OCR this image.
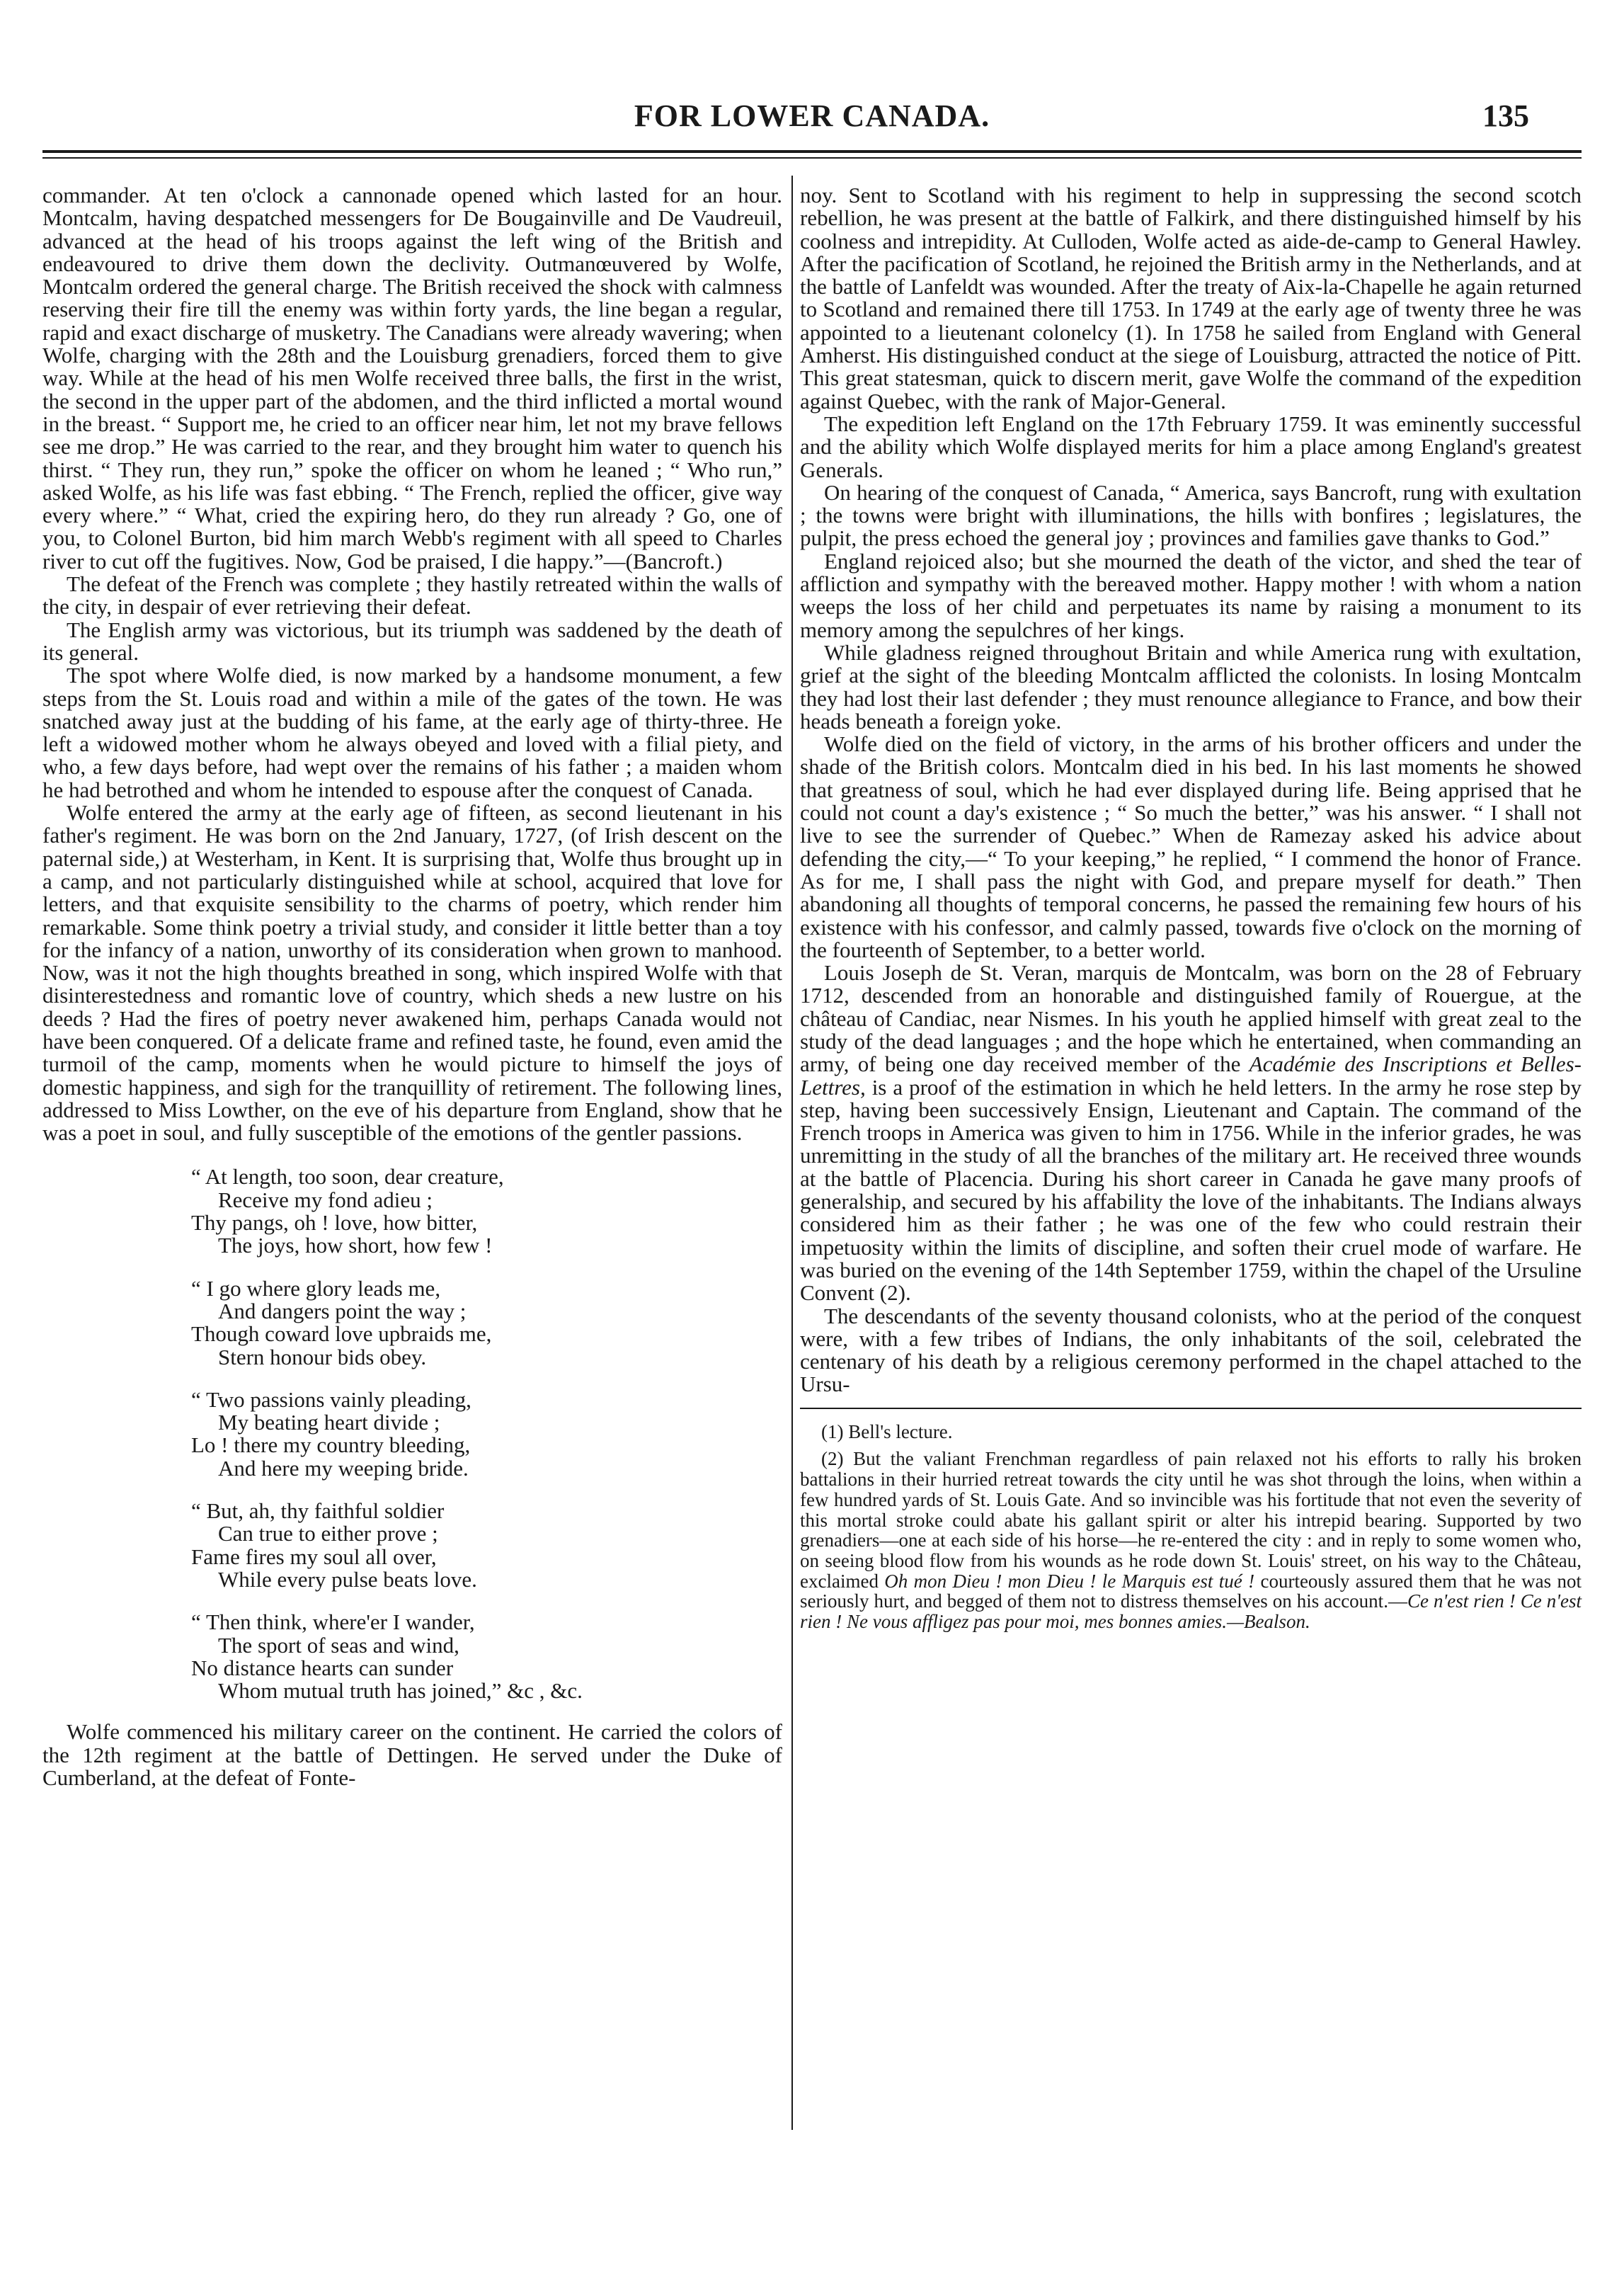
FOR LOWER CANADA.	135

commander. At ten o'clock a cannonade opened which lasted for an hour. Montcalm, having despatched messengers for De Bougainville and De Vaudreuil, advanced at the head of his troops against the left wing of the British and endeavoured to drive them down the declivity. Outmanœuvered by Wolfe, Montcalm ordered the general charge. The British received the shock with calmness reserving their fire till the enemy was within forty yards, the line began a regular, rapid and exact discharge of musketry. The Canadians were already wavering; when Wolfe, charging with the 28th and the Louisburg grenadiers, forced them to give way. While at the head of his men Wolfe received three balls, the first in the wrist, the second in the upper part of the abdomen, and the third inflicted a mortal wound in the breast. “ Support me, he cried to an officer near him, let not my brave fellows see me drop.” He was carried to the rear, and they brought him water to quench his thirst. “ They run, they run,” spoke the officer on whom he leaned ; “ Who run,” asked Wolfe, as his life was fast ebbing. “ The French, replied the officer, give way every where.” “ What, cried the expiring hero, do they run already ? Go, one of you, to Colonel Burton, bid him march Webb's regiment with all speed to Charles river to cut off the fugitives. Now, God be praised, I die happy.”—(Bancroft.)

The defeat of the French was complete ; they hastily retreated within the walls of the city, in despair of ever retrieving their defeat.

The English army was victorious, but its triumph was saddened by the death of its general.

The spot where Wolfe died, is now marked by a handsome monument, a few steps from the St. Louis road and within a mile of the gates of the town. He was snatched away just at the budding of his fame, at the early age of thirty-three. He left a widowed mother whom he always obeyed and loved with a filial piety, and who, a few days before, had wept over the remains of his father ; a maiden whom he had betrothed and whom he intended to espouse after the conquest of Canada.

Wolfe entered the army at the early age of fifteen, as second lieutenant in his father's regiment. He was born on the 2nd January, 1727, (of Irish descent on the paternal side,) at Westerham, in Kent. It is surprising that, Wolfe thus brought up in a camp, and not particularly distinguished while at school, acquired that love for letters, and that exquisite sensibility to the charms of poetry, which render him remarkable. Some think poetry a trivial study, and consider it little better than a toy for the infancy of a nation, unworthy of its consideration when grown to manhood. Now, was it not the high thoughts breathed in song, which inspired Wolfe with that disinterestedness and romantic love of country, which sheds a new lustre on his deeds ? Had the fires of poetry never awakened him, perhaps Canada would not have been conquered. Of a delicate frame and refined taste, he found, even amid the turmoil of the camp, moments when he would picture to himself the joys of domestic happiness, and sigh for the tranquillity of retirement. The following lines, addressed to Miss Lowther, on the eve of his departure from England, show that he was a poet in soul, and fully susceptible of the emotions of the gentler passions.

“ At length, too soon, dear creature,
Receive my fond adieu ;
Thy pangs, oh ! love, how bitter,
The joys, how short, how few !
“ I go where glory leads me,
And dangers point the way ;
Though coward love upbraids me,
Stern honour bids obey.
“ Two passions vainly pleading,
My beating heart divide ;
Lo ! there my country bleeding,
And here my weeping bride.
“ But, ah, thy faithful soldier
Can true to either prove ;
Fame fires my soul all over,
While every pulse beats love.
“ Then think, where'er I wander,
The sport of seas and wind,
No distance hearts can sunder
Whom mutual truth has joined,” &c , &c.

Wolfe commenced his military career on the continent. He carried the colors of the 12th regiment at the battle of Dettingen. He served under the Duke of Cumberland, at the defeat of Fonte-

noy. Sent to Scotland with his regiment to help in suppressing the second scotch rebellion, he was present at the battle of Falkirk, and there distinguished himself by his coolness and intrepidity. At Culloden, Wolfe acted as aide-de-camp to General Hawley. After the pacification of Scotland, he rejoined the British army in the Netherlands, and at the battle of Lanfeldt was wounded. After the treaty of Aix-la-Chapelle he again returned to Scotland and remained there till 1753. In 1749 at the early age of twenty three he was appointed to a lieutenant colonelcy (1). In 1758 he sailed from England with General Amherst. His distinguished conduct at the siege of Louisburg, attracted the notice of Pitt. This great statesman, quick to discern merit, gave Wolfe the command of the expedition against Quebec, with the rank of Major-General.

The expedition left England on the 17th February 1759. It was eminently successful and the ability which Wolfe displayed merits for him a place among England's greatest Generals.

On hearing of the conquest of Canada, “ America, says Bancroft, rung with exultation ; the towns were bright with illuminations, the hills with bonfires ; legislatures, the pulpit, the press echoed the general joy ; provinces and families gave thanks to God.”

England rejoiced also; but she mourned the death of the victor, and shed the tear of affliction and sympathy with the bereaved mother. Happy mother ! with whom a nation weeps the loss of her child and perpetuates its name by raising a monument to its memory among the sepulchres of her kings.

While gladness reigned throughout Britain and while America rung with exultation, grief at the sight of the bleeding Montcalm afflicted the colonists. In losing Montcalm they had lost their last defender ; they must renounce allegiance to France, and bow their heads beneath a foreign yoke.

Wolfe died on the field of victory, in the arms of his brother officers and under the shade of the British colors. Montcalm died in his bed. In his last moments he showed that greatness of soul, which he had ever displayed during life. Being apprised that he could not count a day's existence ; “ So much the better,” was his answer. “ I shall not live to see the surrender of Quebec.” When de Ramezay asked his advice about defending the city,—“ To your keeping,” he replied, “ I commend the honor of France. As for me, I shall pass the night with God, and prepare myself for death.” Then abandoning all thoughts of temporal concerns, he passed the remaining few hours of his existence with his confessor, and calmly passed, towards five o'clock on the morning of the fourteenth of September, to a better world.

Louis Joseph de St. Veran, marquis de Montcalm, was born on the 28 of February 1712, descended from an honorable and distinguished family of Rouergue, at the château of Candiac, near Nismes. In his youth he applied himself with great zeal to the study of the dead languages ; and the hope which he entertained, when commanding an army, of being one day received member of the Académie des Inscriptions et Belles-Lettres, is a proof of the estimation in which he held letters. In the army he rose step by step, having been successively Ensign, Lieutenant and Captain. The command of the French troops in America was given to him in 1756. While in the inferior grades, he was unremitting in the study of all the branches of the military art. He received three wounds at the battle of Placencia. During his short career in Canada he gave many proofs of generalship, and secured by his affability the love of the inhabitants. The Indians always considered him as their father ; he was one of the few who could restrain their impetuosity within the limits of discipline, and soften their cruel mode of warfare. He was buried on the evening of the 14th September 1759, within the chapel of the Ursuline Convent (2).

The descendants of the seventy thousand colonists, who at the period of the conquest were, with a few tribes of Indians, the only inhabitants of the soil, celebrated the centenary of his death by a religious ceremony performed in the chapel attached to the Ursu-

(1) Bell's lecture.

(2) But the valiant Frenchman regardless of pain relaxed not his efforts to rally his broken battalions in their hurried retreat towards the city until he was shot through the loins, when within a few hundred yards of St. Louis Gate. And so invincible was his fortitude that not even the severity of this mortal stroke could abate his gallant spirit or alter his intrepid bearing. Supported by two grenadiers—one at each side of his horse—he re-entered the city : and in reply to some women who, on seeing blood flow from his wounds as he rode down St. Louis' street, on his way to the Château, exclaimed Oh mon Dieu ! mon Dieu ! le Marquis est tué ! courteously assured them that he was not seriously hurt, and begged of them not to distress themselves on his account.—Ce n'est rien ! Ce n'est rien ! Ne vous affligez pas pour moi, mes bonnes amies.—Bealson.
